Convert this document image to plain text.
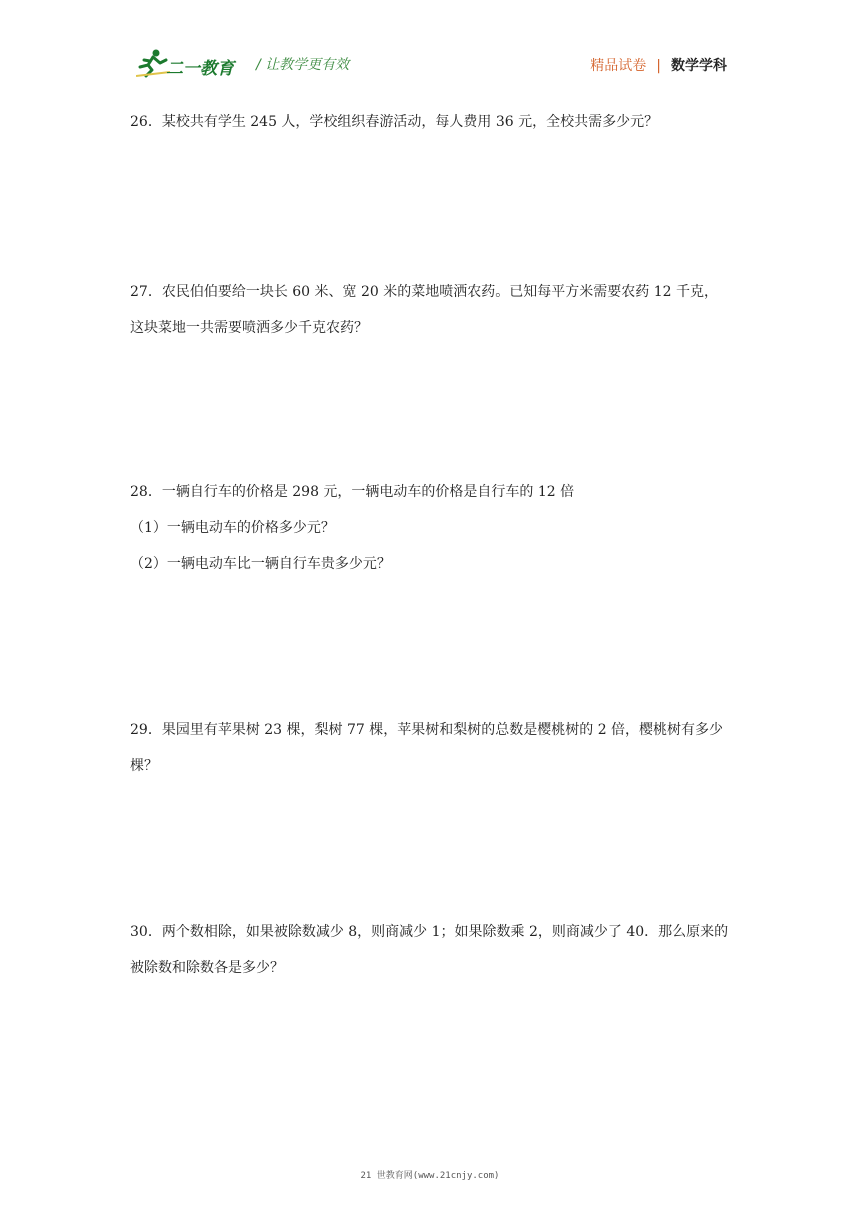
二一教育 / 让教学更有效	精品试卷 | 数学学科

26．某校共有学生 245 人，学校组织春游活动，每人费用 36 元，全校共需多少元？

27．农民伯伯要给一块长 60 米、宽 20 米的菜地喷洒农药。已知每平方米需要农药 12 千克，这块菜地一共需要喷洒多少千克农药？

28．一辆自行车的价格是 298 元，一辆电动车的价格是自行车的 12 倍

（1）一辆电动车的价格多少元？

（2）一辆电动车比一辆自行车贵多少元？

29．果园里有苹果树 23 棵，梨树 77 棵，苹果树和梨树的总数是樱桃树的 2 倍，樱桃树有多少棵？

30．两个数相除，如果被除数减少 8，则商减少 1；如果除数乘 2，则商减少了 40．那么原来的被除数和除数各是多少？

21 世教育网(www.21cnjy.com)
